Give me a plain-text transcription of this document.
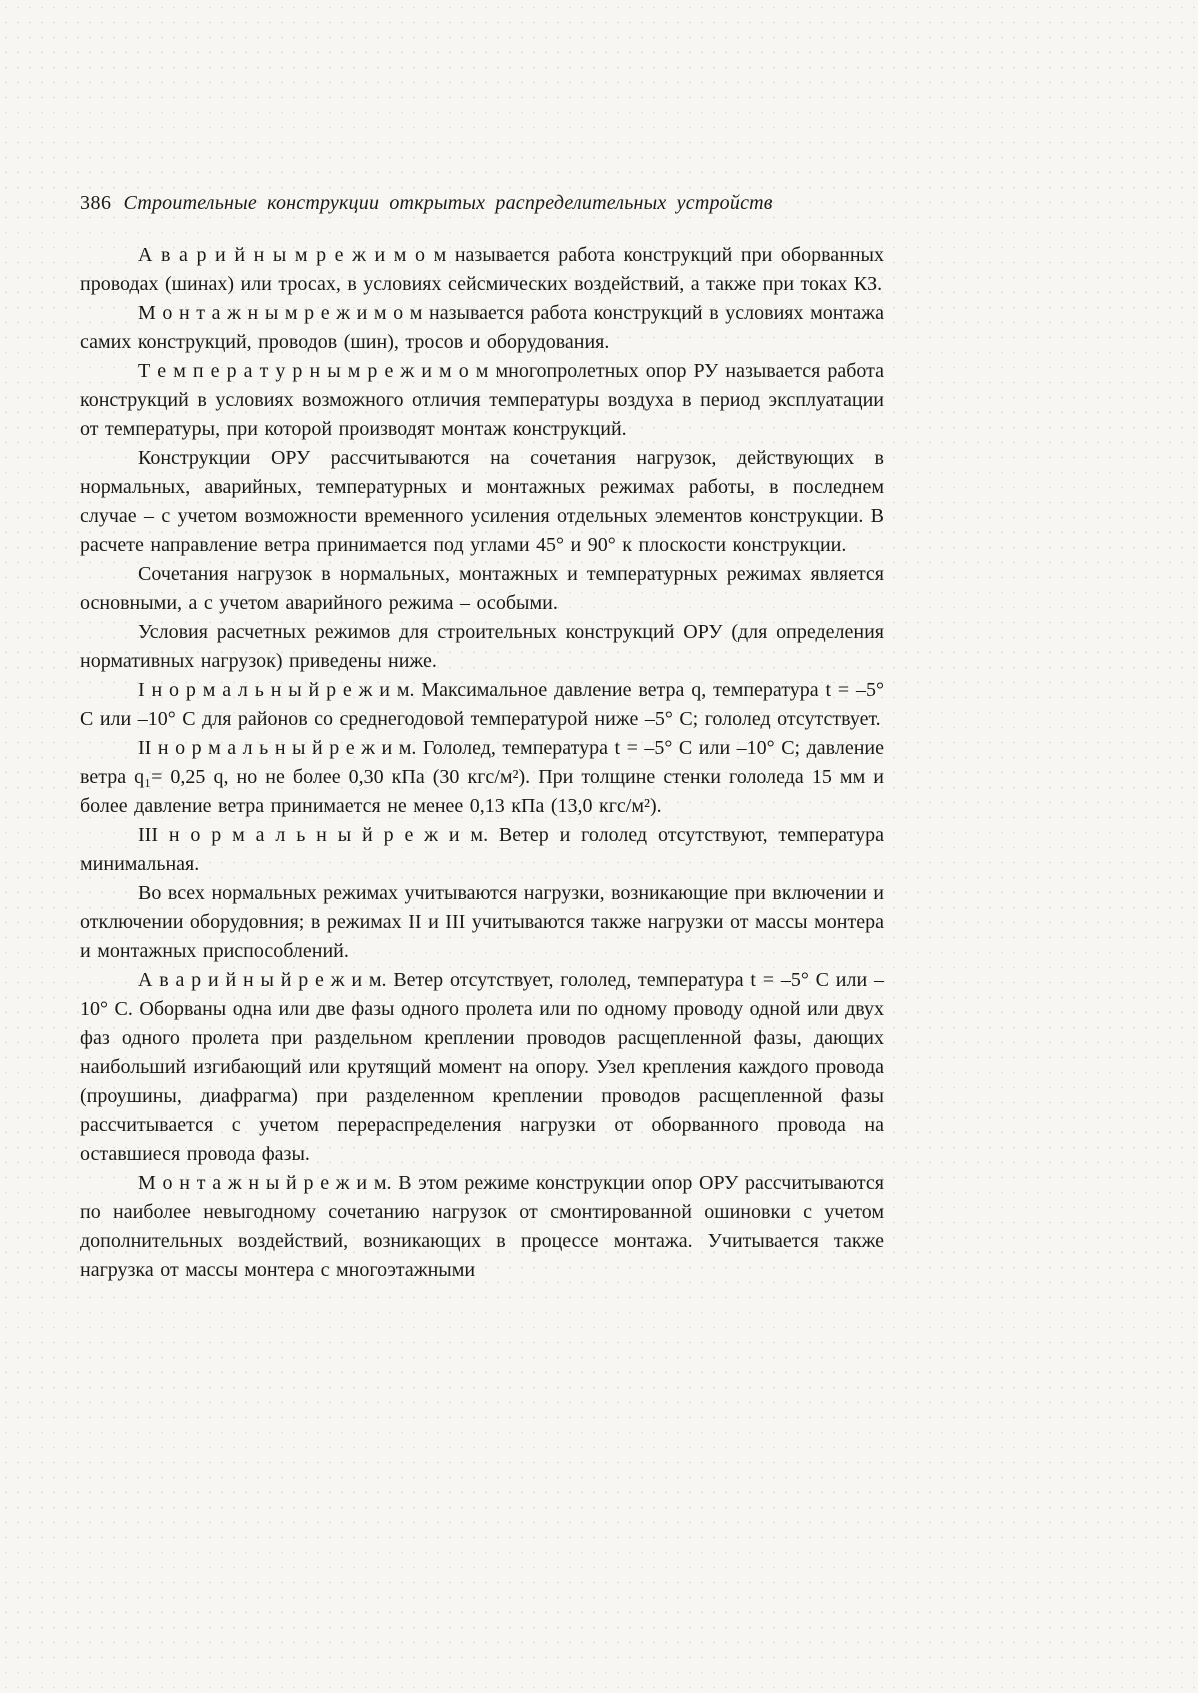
386 Строительные конструкции открытых распределительных устройств

А в а р и й н ы м р е ж и м о м называется работа конструкций при оборванных проводах (шинах) или тросах, в условиях сейсмических воздействий, а также при токах КЗ.

М о н т а ж н ы м р е ж и м о м называется работа конструкций в условиях монтажа самих конструкций, проводов (шин), тросов и оборудования.

Т е м п е р а т у р н ы м р е ж и м о м многопролетных опор РУ называется работа конструкций в условиях возможного отличия температуры воздуха в период эксплуатации от температуры, при которой производят монтаж конструкций.

Конструкции ОРУ рассчитываются на сочетания нагрузок, действующих в нормальных, аварийных, температурных и монтажных режимах работы, в последнем случае – с учетом возможности временного усиления отдельных элементов конструкции. В расчете направление ветра принимается под углами 45° и 90° к плоскости конструкции.

Сочетания нагрузок в нормальных, монтажных и температурных режимах является основными, а с учетом аварийного режима – особыми.

Условия расчетных режимов для строительных конструкций ОРУ (для определения нормативных нагрузок) приведены ниже.

I н о р м а л ь н ы й р е ж и м. Максимальное давление ветра q, температура t = –5° С или –10° С для районов со среднегодовой температурой ниже –5° С; гололед отсутствует.

II н о р м а л ь н ы й р е ж и м. Гололед, температура t = –5° С или –10° С; давление ветра q₁= 0,25 q, но не более 0,30 кПа (30 кгс/м²). При толщине стенки гололеда 15 мм и более давление ветра принимается не менее 0,13 кПа (13,0 кгс/м²).

III н о р м а л ь н ы й р е ж и м. Ветер и гололед отсутствуют, температура минимальная.

Во всех нормальных режимах учитываются нагрузки, возникающие при включении и отключении оборудовния; в режимах II и III учитываются также нагрузки от массы монтера и монтажных приспособлений.

А в а р и й н ы й р е ж и м. Ветер отсутствует, гололед, температура t = –5° С или –10° С. Оборваны одна или две фазы одного пролета или по одному проводу одной или двух фаз одного пролета при раздельном креплении проводов расщепленной фазы, дающих наибольший изгибающий или крутящий момент на опору. Узел крепления каждого провода (проушины, диафрагма) при разделенном креплении проводов расщепленной фазы рассчитывается с учетом перераспределения нагрузки от оборванного провода на оставшиеся провода фазы.

М о н т а ж н ы й р е ж и м. В этом режиме конструкции опор ОРУ рассчитываются по наиболее невыгодному сочетанию нагрузок от смонтированной ошиновки с учетом дополнительных воздействий, возникающих в процессе монтажа. Учитывается также нагрузка от массы монтера с многоэтажными
